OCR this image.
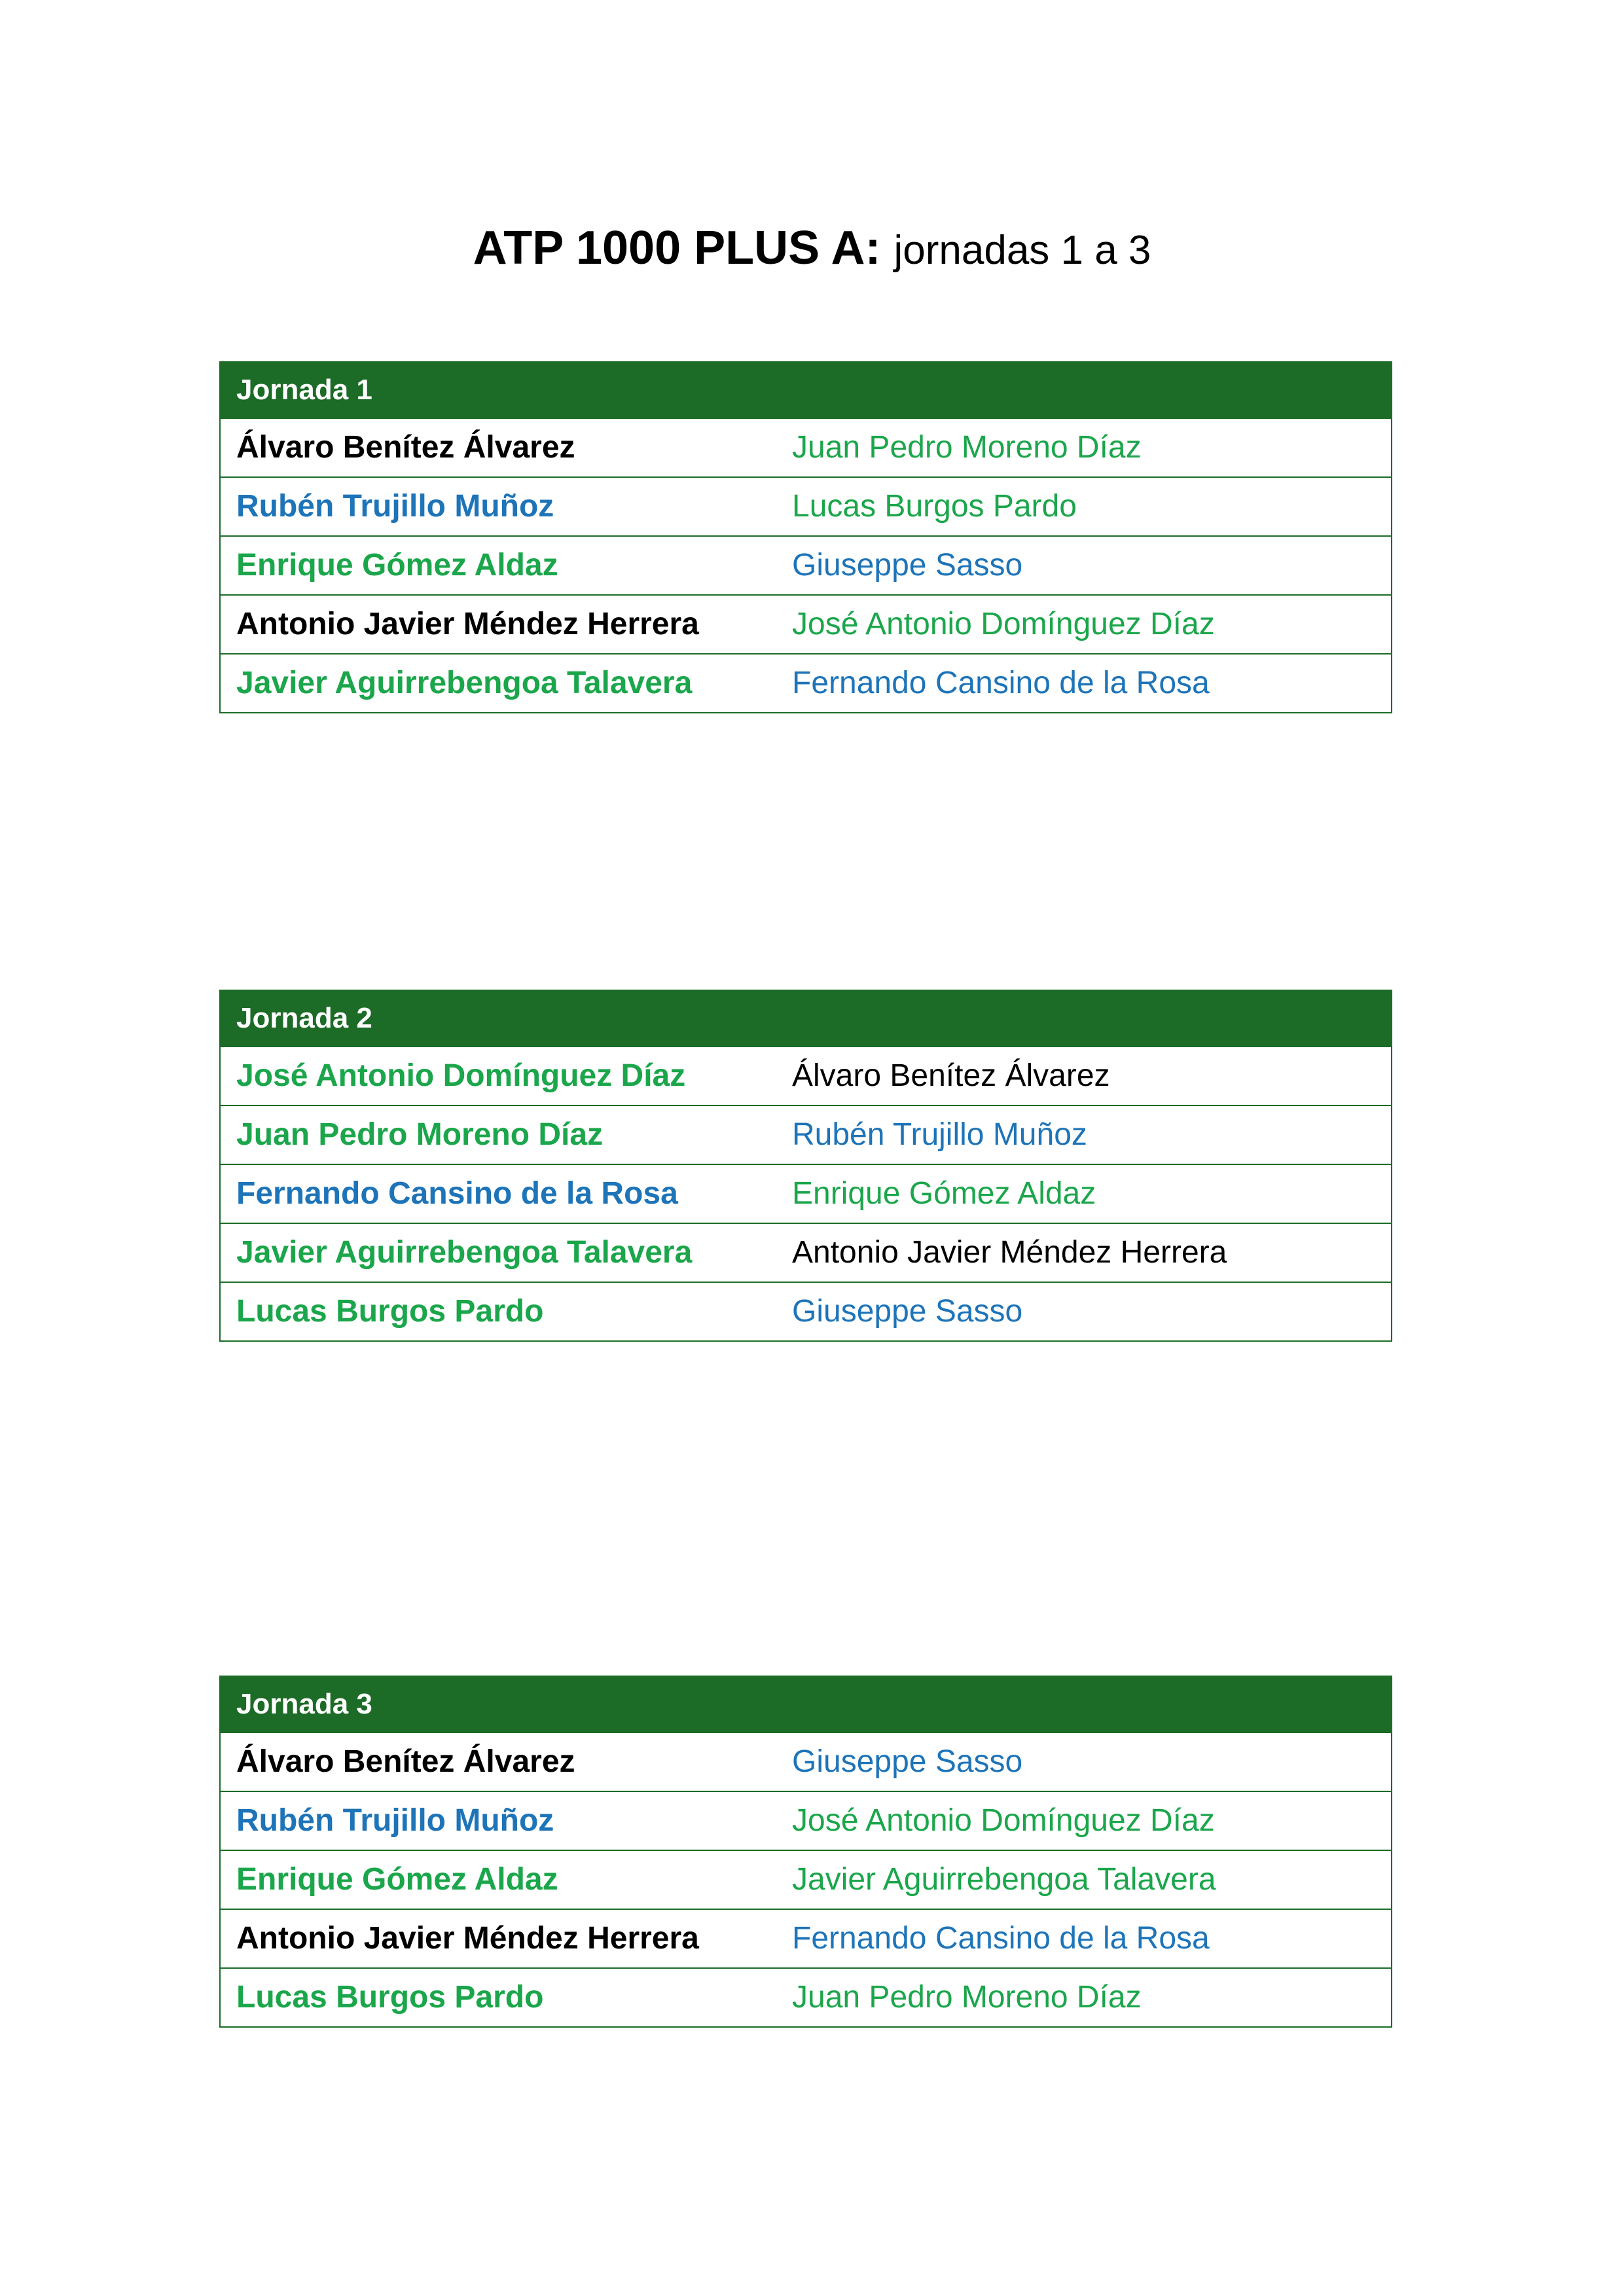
ATP 1000 PLUS A: jornadas 1 a 3
Jornada 1	
Álvaro Benítez Álvarez	Juan Pedro Moreno Díaz
Rubén Trujillo Muñoz	Lucas Burgos Pardo
Enrique Gómez Aldaz	Giuseppe Sasso
Antonio Javier Méndez Herrera	José Antonio Domínguez Díaz
Javier Aguirrebengoa Talavera	Fernando Cansino de la Rosa
Jornada 2	
José Antonio Domínguez Díaz	Álvaro Benítez Álvarez
Juan Pedro Moreno Díaz	Rubén Trujillo Muñoz
Fernando Cansino de la Rosa	Enrique Gómez Aldaz
Javier Aguirrebengoa Talavera	Antonio Javier Méndez Herrera
Lucas Burgos Pardo	Giuseppe Sasso
Jornada 3	
Álvaro Benítez Álvarez	Giuseppe Sasso
Rubén Trujillo Muñoz	José Antonio Domínguez Díaz
Enrique Gómez Aldaz	Javier Aguirrebengoa Talavera
Antonio Javier Méndez Herrera	Fernando Cansino de la Rosa
Lucas Burgos Pardo	Juan Pedro Moreno Díaz
